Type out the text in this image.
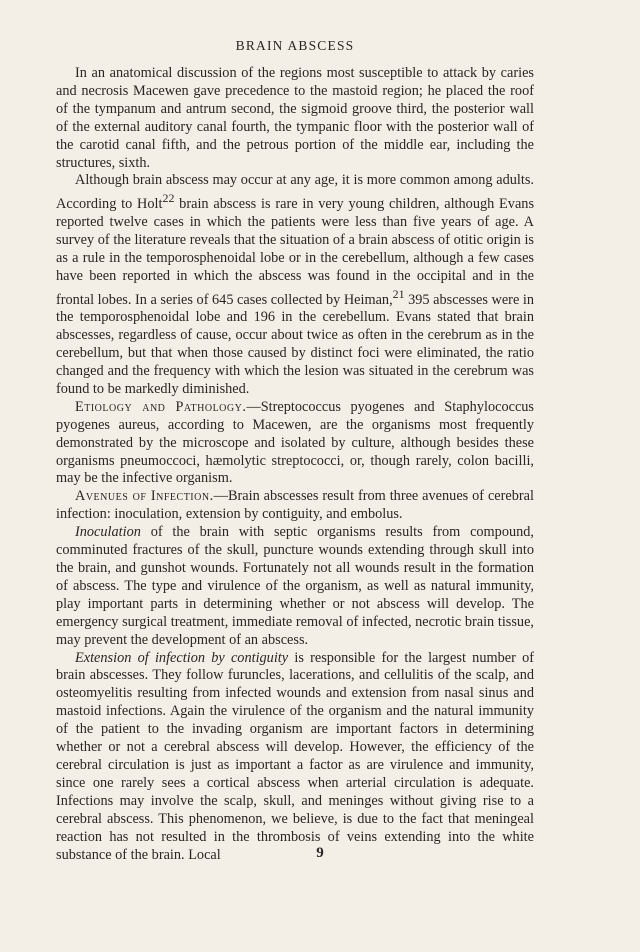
BRAIN ABSCESS

In an anatomical discussion of the regions most susceptible to attack by caries and necrosis Macewen gave precedence to the mastoid region; he placed the roof of the tympanum and antrum second, the sigmoid groove third, the posterior wall of the external auditory canal fourth, the tympanic floor with the posterior wall of the carotid canal fifth, and the petrous portion of the middle ear, including the structures, sixth.

Although brain abscess may occur at any age, it is more common among adults. According to Holt$^{22}$ brain abscess is rare in very young children, although Evans reported twelve cases in which the patients were less than five years of age. A survey of the literature reveals that the situation of a brain abscess of otitic origin is as a rule in the temporosphenoidal lobe or in the cerebellum, although a few cases have been reported in which the abscess was found in the occipital and in the frontal lobes. In a series of 645 cases collected by Heiman,$^{21}$ 395 abscesses were in the temporosphenoidal lobe and 196 in the cerebellum. Evans stated that brain abscesses, regardless of cause, occur about twice as often in the cerebrum as in the cerebellum, but that when those caused by distinct foci were eliminated, the ratio changed and the frequency with which the lesion was situated in the cerebrum was found to be markedly diminished.

Etiology and Pathology.—Streptococcus pyogenes and Staphylococcus pyogenes aureus, according to Macewen, are the organisms most frequently demonstrated by the microscope and isolated by culture, although besides these organisms pneumoccoci, hæmolytic streptococci, or, though rarely, colon bacilli, may be the infective organism.

Avenues of Infection.—Brain abscesses result from three avenues of cerebral infection: inoculation, extension by contiguity, and embolus.

Inoculation of the brain with septic organisms results from compound, comminuted fractures of the skull, puncture wounds extending through skull into the brain, and gunshot wounds. Fortunately not all wounds result in the formation of abscess. The type and virulence of the organism, as well as natural immunity, play important parts in determining whether or not abscess will develop. The emergency surgical treatment, immediate removal of infected, necrotic brain tissue, may prevent the development of an abscess.

Extension of infection by contiguity is responsible for the largest number of brain abscesses. They follow furuncles, lacerations, and cellulitis of the scalp, and osteomyelitis resulting from infected wounds and extension from nasal sinus and mastoid infections. Again the virulence of the organism and the natural immunity of the patient to the invading organism are important factors in determining whether or not a cerebral abscess will develop. However, the efficiency of the cerebral circulation is just as important a factor as are virulence and immunity, since one rarely sees a cortical abscess when arterial circulation is adequate. Infections may involve the scalp, skull, and meninges without giving rise to a cerebral abscess. This phenomenon, we believe, is due to the fact that meningeal reaction has not resulted in the thrombosis of veins extending into the white substance of the brain. Local	9
